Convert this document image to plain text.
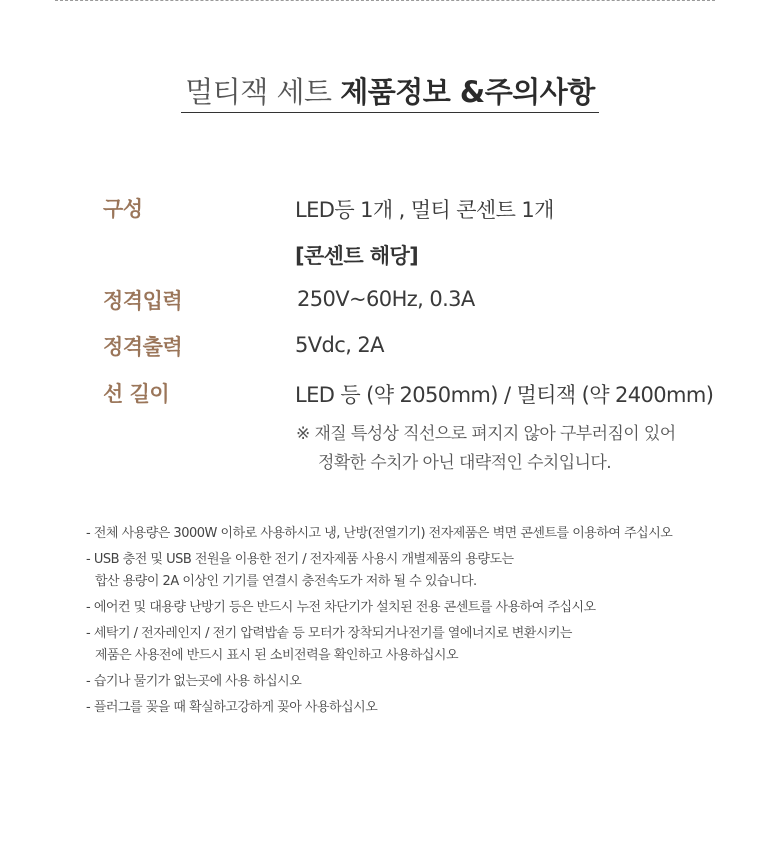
멀티잭 세트 제품정보 &주의사항
구성	LED등 1개 , 멀티 콘센트 1개
[콘센트 해당]
정격입력	250V~60Hz, 0.3A
정격출력	5Vdc, 2A
선 길이	LED 등 (약 2050mm) / 멀티잭 (약 2400mm)
※ 재질 특성상 직선으로 펴지지 않아 구부러짐이 있어
정확한 수치가 아닌 대략적인 수치입니다.
- 전체 사용량은 3000W 이하로 사용하시고 냉, 난방(전열기기) 전자제품은 벽면 콘센트를 이용하여 주십시오
- USB 충전 및 USB 전원을 이용한 전기 / 전자제품 사용시 개별제품의 용량도는
합산 용량이 2A 이상인 기기를 연결시 충전속도가 저하 될 수 있습니다.
- 에어컨 및 대용량 난방기 등은 반드시 누전 차단기가 설치된 전용 콘센트를 사용하여 주십시오
- 세탁기 / 전자레인지 / 전기 압력밥솥 등 모터가 장착되거나전기를 열에너지로 변환시키는
제품은 사용전에 반드시 표시 된 소비전력을 확인하고 사용하십시오
- 습기나 물기가 없는곳에 사용 하십시오
- 플러그를 꽂을 때 확실하고강하게 꽂아 사용하십시오
